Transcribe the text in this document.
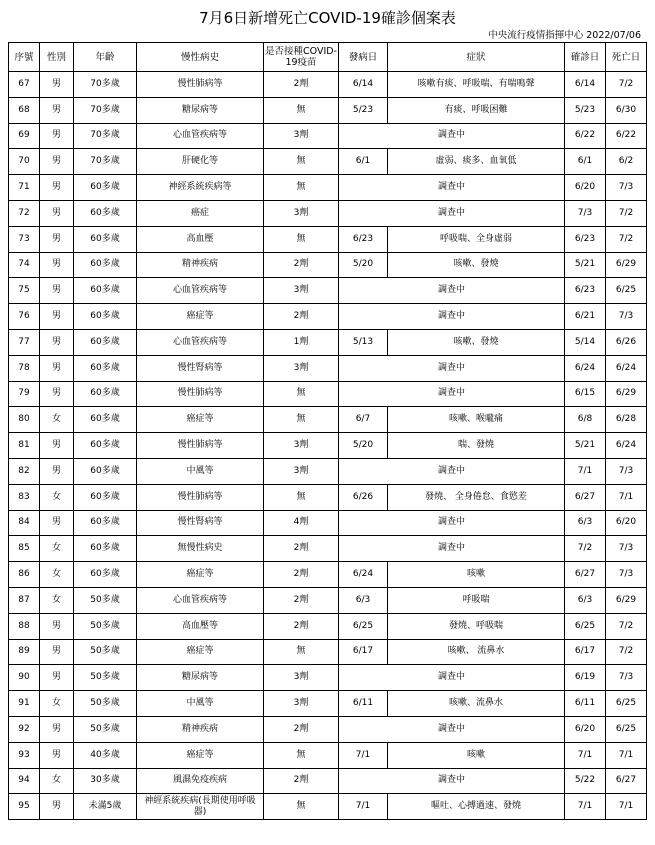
7月6日新增死亡COVID-19確診個案表
中央流行疫情指揮中心 2022/07/06
序號	性別	年齡	慢性病史	是否接種COVID-19疫苗	發病日	症狀	確診日	死亡日
67	男	70多歲	慢性肺病等	2劑	6/14	咳嗽有痰、呼吸喘、有喘鳴聲	6/14	7/2
68	男	70多歲	糖尿病等	無	5/23	有痰、呼吸困難	5/23	6/30
69	男	70多歲	心血管疾病等	3劑	調查中		6/22	6/22
70	男	70多歲	肝硬化等	無	6/1	虛弱、痰多、血氧低	6/1	6/2
71	男	60多歲	神經系統疾病等	無	調查中		6/20	7/3
72	男	60多歲	癌症	3劑	調查中		7/3	7/2
73	男	60多歲	高血壓	無	6/23	呼吸喘、全身虛弱	6/23	7/2
74	男	60多歲	精神疾病	2劑	5/20	咳嗽、發燒	5/21	6/29
75	男	60多歲	心血管疾病等	3劑	調查中		6/23	6/25
76	男	60多歲	癌症等	2劑	調查中		6/21	7/3
77	男	60多歲	心血管疾病等	1劑	5/13	咳嗽、發燒	5/14	6/26
78	男	60多歲	慢性腎病等	3劑	調查中		6/24	6/24
79	男	60多歲	慢性肺病等	無	調查中		6/15	6/29
80	女	60多歲	癌症等	無	6/7	咳嗽、喉嚨痛	6/8	6/28
81	男	60多歲	慢性肺病等	3劑	5/20	喘、發燒	5/21	6/24
82	男	60多歲	中風等	3劑	調查中		7/1	7/3
83	女	60多歲	慢性肺病等	無	6/26	發燒、 全身倦怠、食慾差	6/27	7/1
84	男	60多歲	慢性腎病等	4劑	調查中		6/3	6/20
85	女	60多歲	無慢性病史	2劑	調查中		7/2	7/3
86	女	60多歲	癌症等	2劑	6/24	咳嗽	6/27	7/3
87	女	50多歲	心血管疾病等	2劑	6/3	呼吸喘	6/3	6/29
88	男	50多歲	高血壓等	2劑	6/25	發燒、呼吸喘	6/25	7/2
89	男	50多歲	癌症等	無	6/17	咳嗽、 流鼻水	6/17	7/2
90	男	50多歲	糖尿病等	3劑	調查中		6/19	7/3
91	女	50多歲	中風等	3劑	6/11	咳嗽、流鼻水	6/11	6/25
92	男	50多歲	精神疾病	2劑	調查中		6/20	6/25
93	男	40多歲	癌症等	無	7/1	咳嗽	7/1	7/1
94	女	30多歲	風濕免疫疾病	2劑	調查中		5/22	6/27
95	男	未滿5歲	神經系統疾病(長期使用呼吸器)	無	7/1	嘔吐、心搏過速、發燒	7/1	7/1
